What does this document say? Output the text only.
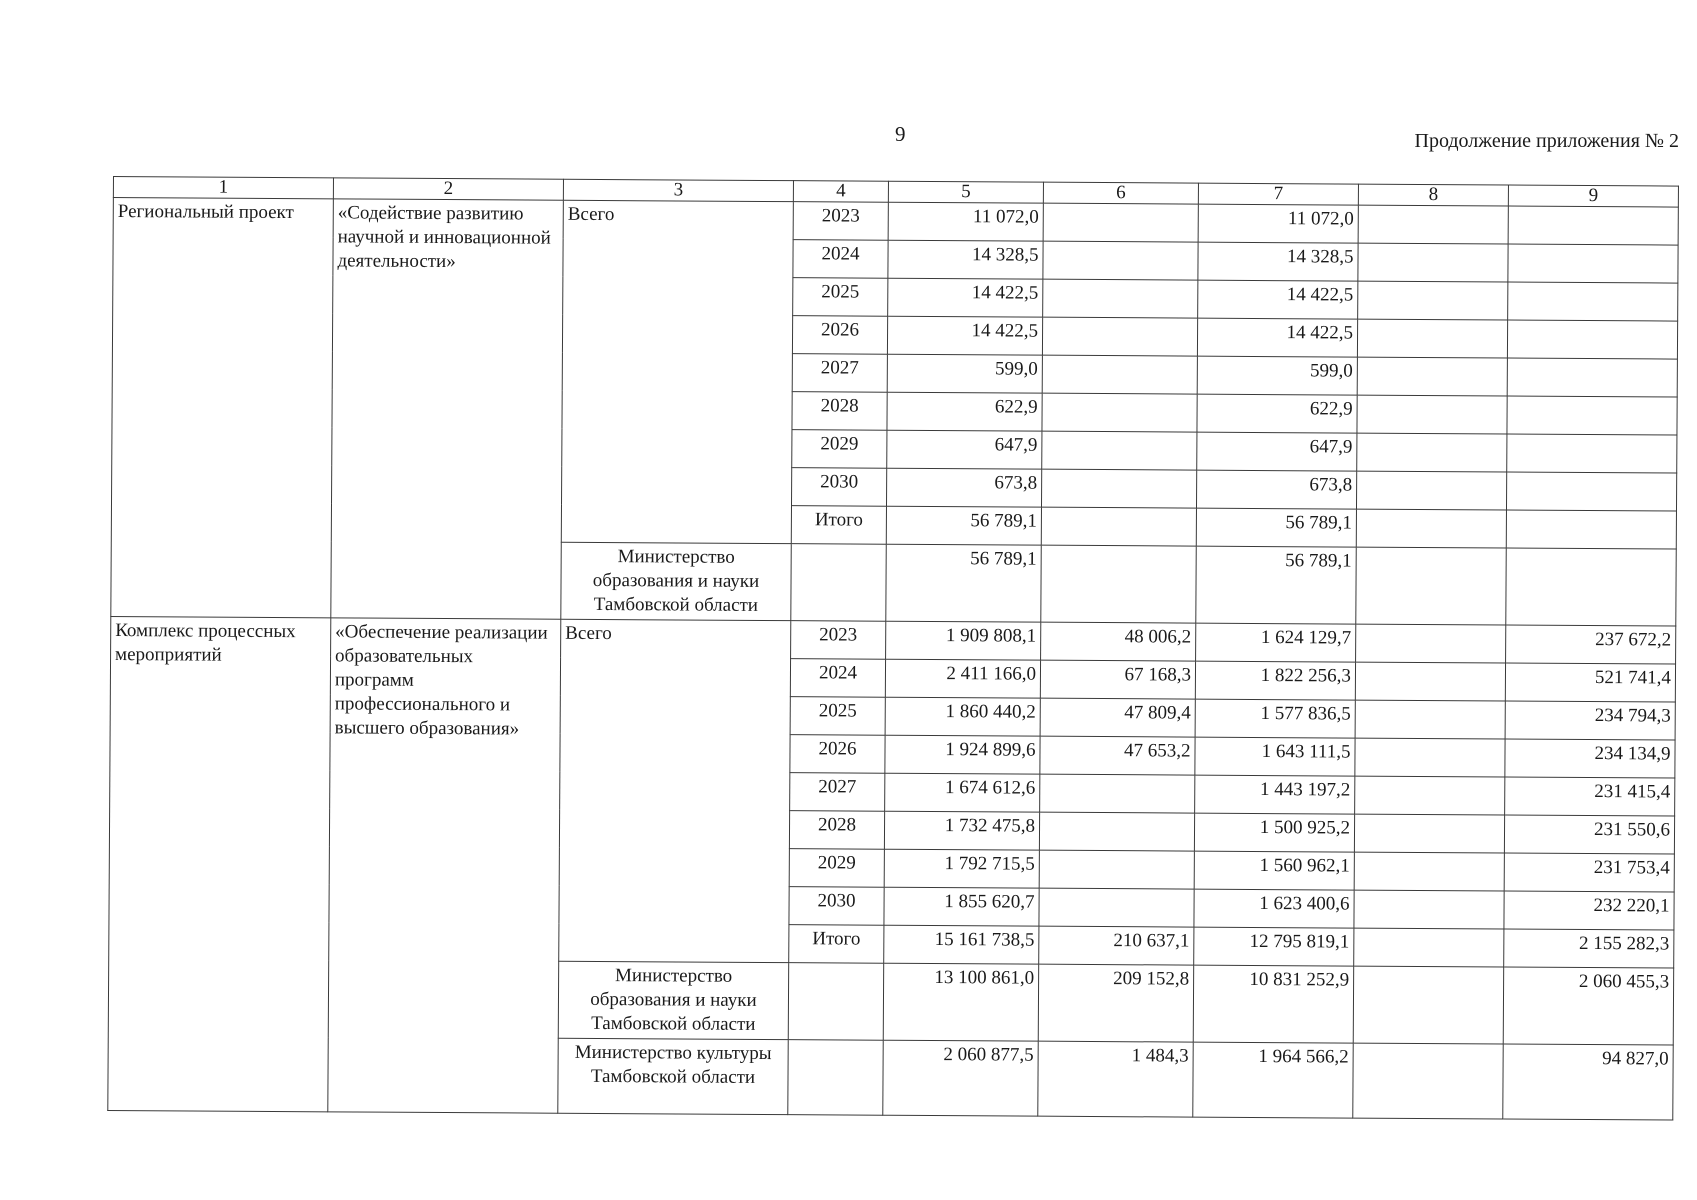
9	Продолжение приложения № 2
1	2	3	4	5	6	7	8	9
Региональный проект	«Содействие развитию научной и инновационной деятельности»	Всего	2023	11 072,0		11 072,0		
			2024	14 328,5		14 328,5		
			2025	14 422,5		14 422,5		
			2026	14 422,5		14 422,5		
			2027	599,0		599,0		
			2028	622,9		622,9		
			2029	647,9		647,9		
			2030	673,8		673,8		
			Итого	56 789,1		56 789,1		
		Министерство образования и науки Тамбовской области		56 789,1		56 789,1		
Комплекс процессных мероприятий	«Обеспечение реализации образовательных программ профессионального и высшего образования»	Всего	2023	1 909 808,1	48 006,2	1 624 129,7		237 672,2
			2024	2 411 166,0	67 168,3	1 822 256,3		521 741,4
			2025	1 860 440,2	47 809,4	1 577 836,5		234 794,3
			2026	1 924 899,6	47 653,2	1 643 111,5		234 134,9
			2027	1 674 612,6		1 443 197,2		231 415,4
			2028	1 732 475,8		1 500 925,2		231 550,6
			2029	1 792 715,5		1 560 962,1		231 753,4
			2030	1 855 620,7		1 623 400,6		232 220,1
			Итого	15 161 738,5	210 637,1	12 795 819,1		2 155 282,3
		Министерство образования и науки Тамбовской области		13 100 861,0	209 152,8	10 831 252,9		2 060 455,3
		Министерство культуры Тамбовской области		2 060 877,5	1 484,3	1 964 566,2		94 827,0
